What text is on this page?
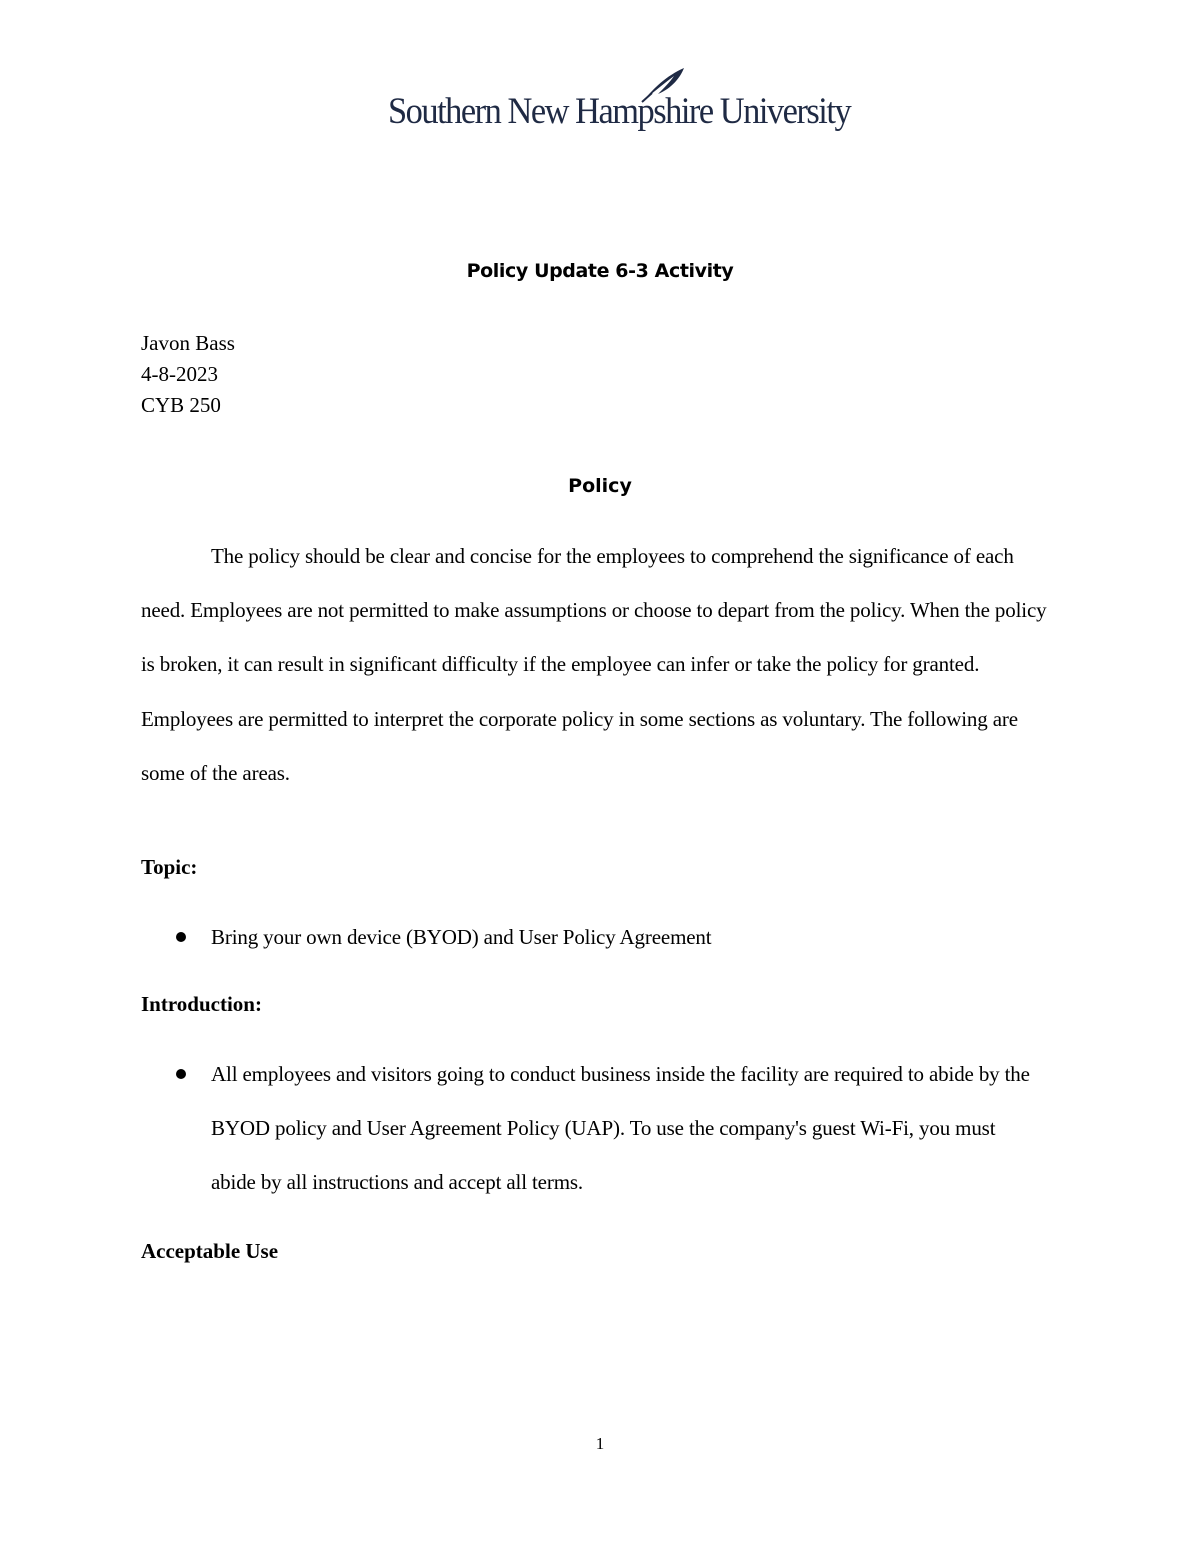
Southern New Hampshire University
Policy Update 6-3 Activity
Javon Bass
4-8-2023
CYB 250
Policy
The policy should be clear and concise for the employees to comprehend the significance of each need. Employees are not permitted to make assumptions or choose to depart from the policy. When the policy is broken, it can result in significant difficulty if the employee can infer or take the policy for granted. Employees are permitted to interpret the corporate policy in some sections as voluntary. The following are some of the areas.
Topic:
Bring your own device (BYOD) and User Policy Agreement
Introduction:
All employees and visitors going to conduct business inside the facility are required to abide by the BYOD policy and User Agreement Policy (UAP). To use the company's guest Wi-Fi, you must abide by all instructions and accept all terms.
Acceptable Use
1
